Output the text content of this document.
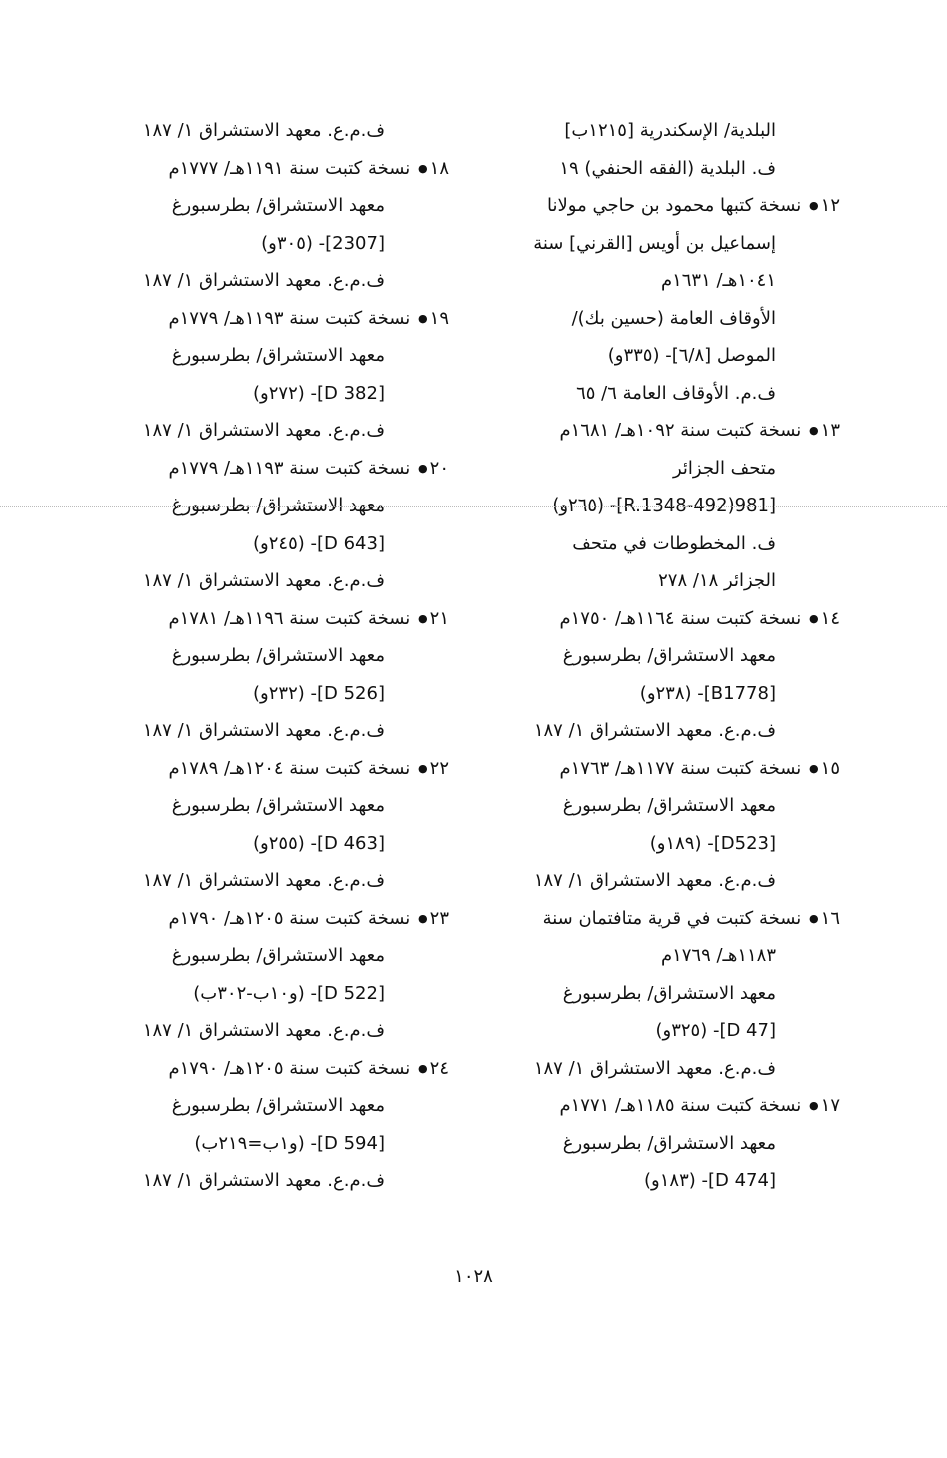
البلدية/ الإسكندرية [١٢١٥ب]
ف. البلدية (الفقه الحنفي) ١٩
١٢● نسخة كتبها محمود بن حاجي مولانا
إسماعيل بن أويس [القرني] سنة
١٠٤١هـ/ ١٦٣١م
الأوقاف العامة (حسين بك)/
الموصل [٦/٨]- (٣٣٥و)
ف.م. الأوقاف العامة ٦/ ٦٥
١٣● نسخة كتبت سنة ١٠٩٢هـ/ ١٦٨١م
متحف الجزائر
[981(492-R.1348]- (٢٦٥و)
ف. المخطوطات في متحف
الجزائر ١٨/ ٢٧٨
١٤● نسخة كتبت سنة ١١٦٤هـ/ ١٧٥٠م
معهد الاستشراق/ بطرسبورغ
[B1778]- (٢٣٨و)
ف.م.ع. معهد الاستشراق ١/ ١٨٧
١٥● نسخة كتبت سنة ١١٧٧هـ/ ١٧٦٣م
معهد الاستشراق/ بطرسبورغ
[D523]- (١٨٩و)
ف.م.ع. معهد الاستشراق ١/ ١٨٧
١٦● نسخة كتبت في قرية متافتمان سنة
١١٨٣هـ/ ١٧٦٩م
معهد الاستشراق/ بطرسبورغ
[D 47]- (٣٢٥و)
ف.م.ع. معهد الاستشراق ١/ ١٨٧
١٧● نسخة كتبت سنة ١١٨٥هـ/ ١٧٧١م
معهد الاستشراق/ بطرسبورغ
[D 474]- (١٨٣و)
ف.م.ع. معهد الاستشراق ١/ ١٨٧
١٨● نسخة كتبت سنة ١١٩١هـ/ ١٧٧٧م
معهد الاستشراق/ بطرسبورغ
[2307]- (٣٠٥و)
ف.م.ع. معهد الاستشراق ١/ ١٨٧
١٩● نسخة كتبت سنة ١١٩٣هـ/ ١٧٧٩م
معهد الاستشراق/ بطرسبورغ
[D 382]- (٢٧٢و)
ف.م.ع. معهد الاستشراق ١/ ١٨٧
٢٠● نسخة كتبت سنة ١١٩٣هـ/ ١٧٧٩م
معهد الاستشراق/ بطرسبورغ
[D 643]- (٢٤٥و)
ف.م.ع. معهد الاستشراق ١/ ١٨٧
٢١● نسخة كتبت سنة ١١٩٦هـ/ ١٧٨١م
معهد الاستشراق/ بطرسبورغ
[D 526]- (٢٣٢و)
ف.م.ع. معهد الاستشراق ١/ ١٨٧
٢٢● نسخة كتبت سنة ١٢٠٤هـ/ ١٧٨٩م
معهد الاستشراق/ بطرسبورغ
[D 463]- (٢٥٥و)
ف.م.ع. معهد الاستشراق ١/ ١٨٧
٢٣● نسخة كتبت سنة ١٢٠٥هـ/ ١٧٩٠م
معهد الاستشراق/ بطرسبورغ
[D 522]- (و١٠ب-٣٠٢ب)
ف.م.ع. معهد الاستشراق ١/ ١٨٧
٢٤● نسخة كتبت سنة ١٢٠٥هـ/ ١٧٩٠م
معهد الاستشراق/ بطرسبورغ
[D 594]- (و١ب=٢١٩ب)
ف.م.ع. معهد الاستشراق ١/ ١٨٧
١٠٢٨
